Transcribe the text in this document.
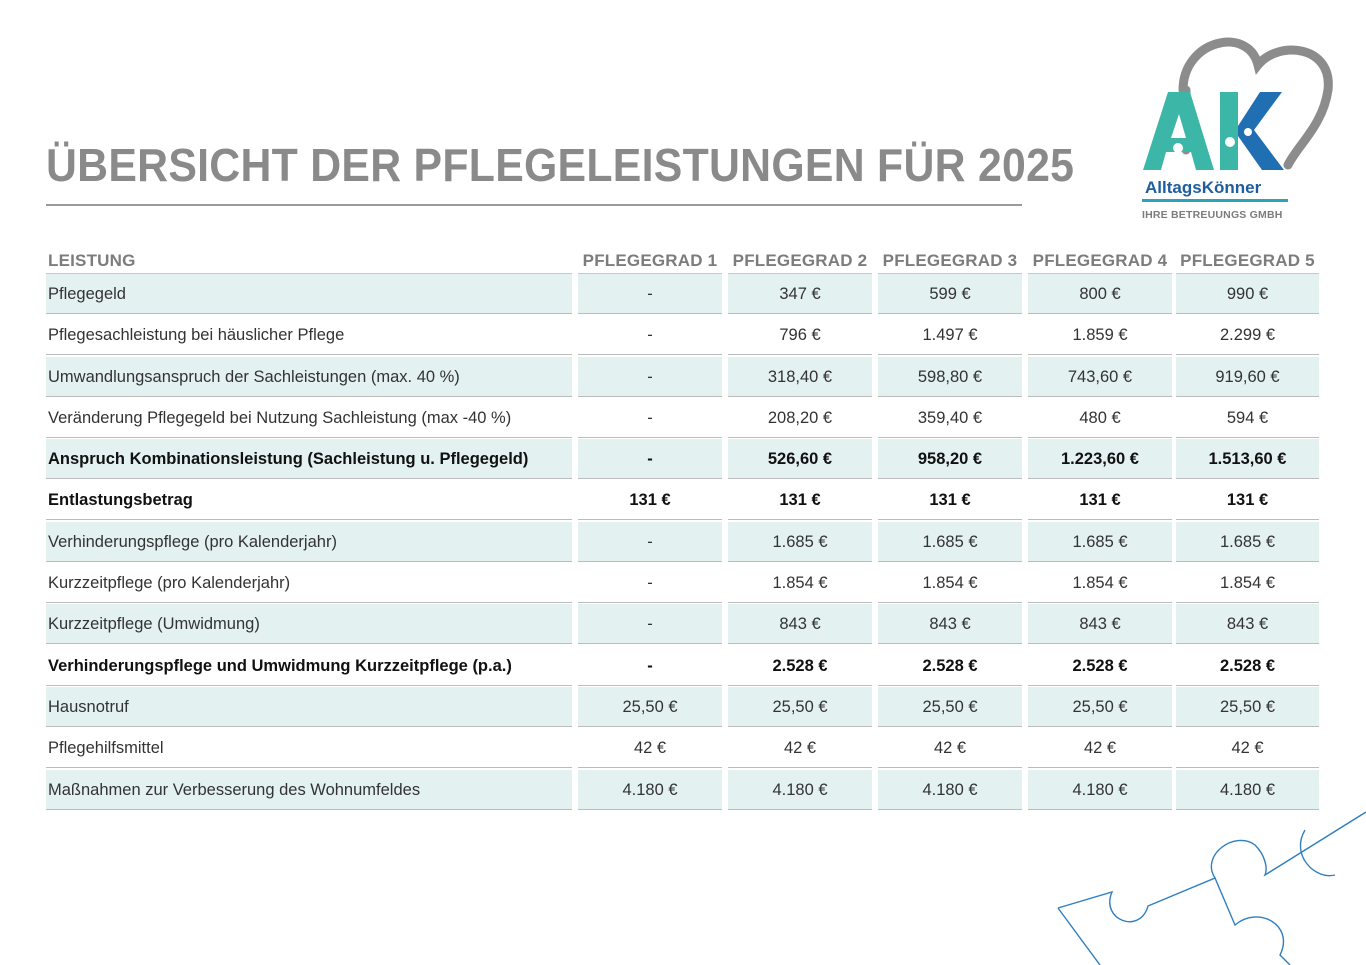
ÜBERSICHT DER PFLEGELEISTUNGEN FÜR 2025	AlltagsKönner
IHRE BETREUUNGS GMBH
LEISTUNG	PFLEGEGRAD 1 PFLEGEGRAD 2 PFLEGEGRAD 3 PFLEGEGRAD 4 PFLEGEGRAD 5
Pflegegeld	-	347 €	599 €	800 €	990 €
Pflegesachleistung bei häuslicher Pflege	-	796 €	1.497 €	1.859 €	2.299 €
Umwandlungsanspruch der Sachleistungen (max. 40 %)	-	318,40 €	598,80 €	743,60 €	919,60 €
Veränderung Pflegegeld bei Nutzung Sachleistung (max -40 %)	-	208,20 €	359,40 €	480 €	594 €
Anspruch Kombinationsleistung (Sachleistung u. Pflegegeld)	-	526,60 €	958,20 €	1.223,60 €	1.513,60 €
Entlastungsbetrag	131 €	131 €	131 €	131 €	131 €
Verhinderungspflege (pro Kalenderjahr)	-	1.685 €	1.685 €	1.685 €	1.685 €
Kurzzeitpflege (pro Kalenderjahr)	-	1.854 €	1.854 €	1.854 €	1.854 €
Kurzzeitpflege (Umwidmung)	-	843 €	843 €	843 €	843 €
Verhinderungspflege und Umwidmung Kurzzeitpflege (p.a.)	-	2.528 €	2.528 €	2.528 €	2.528 €
Hausnotruf	25,50 €	25,50 €	25,50 €	25,50 €	25,50 €
Pflegehilfsmittel	42 €	42 €	42 €	42 €	42 €
Maßnahmen zur Verbesserung des Wohnumfeldes	4.180 €	4.180 €	4.180 €	4.180 €	4.180 €
